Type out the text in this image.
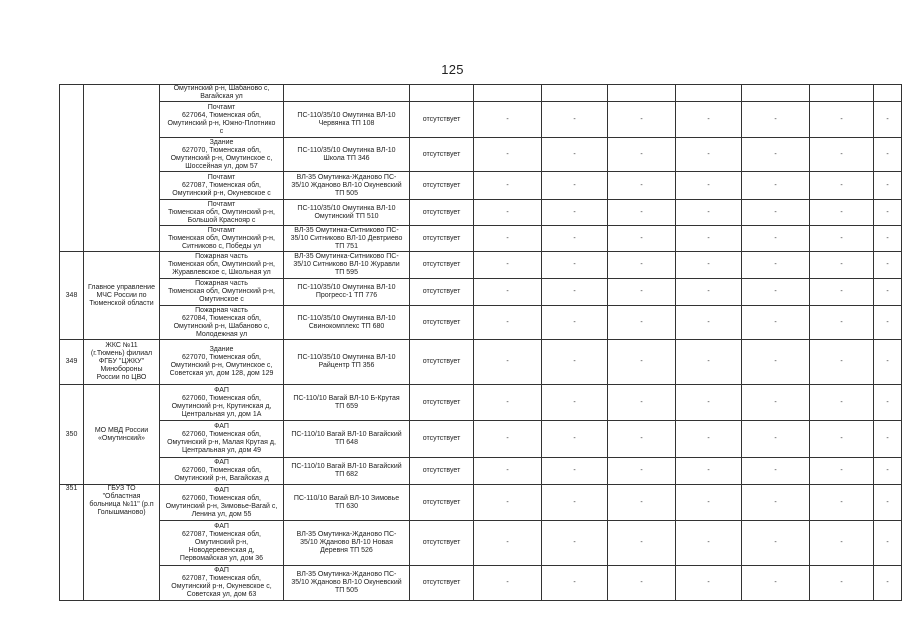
125
		Омутинский р-н, Шабаново с,
Вагайская ул									
		Почтамт
627064, Тюменская обл,
Омутинский р-н, Южно-Плотнико
с	ПС-110/35/10 Омутинка ВЛ-10
Червянка ТП 108	отсутствует	-	-	-	-	-	-	-
		Здание
627070, Тюменская обл,
Омутинский р-н, Омутинское с,
Шоссейная ул, дом 57	ПС-110/35/10 Омутинка ВЛ-10
Школа ТП 346	отсутствует	-	-	-	-	-	-	-
		Почтамт
627087, Тюменская обл,
Омутинский р-н, Окуневское с	ВЛ-35 Омутинка-Ждановo ПС-
35/10 Ждановo ВЛ-10 Окуневский
ТП 505	отсутствует	-	-	-	-	-	-	-
		Почтамт
Тюменская обл, Омутинский р-н,
Большой Краснояр с	ПС-110/35/10 Омутинка ВЛ-10
Омутинский ТП 510	отсутствует	-	-	-	-	-	-	-
		Почтамт
Тюменская обл, Омутинский р-н,
Ситниково с, Победы ул	ВЛ-35 Омутинка-Ситниково ПС-
35/10 Ситниково ВЛ-10 Девтриево
ТП 751	отсутствует	-	-	-	-	-	-	-
348	Главное управление
МЧС России по
Тюменской области	Пожарная часть
Тюменская обл, Омутинский р-н,
Журавлевское с, Школьная ул	ВЛ-35 Омутинка-Ситниково ПС-
35/10 Ситниково ВЛ-10 Журавли
ТП 595	отсутствует	-	-	-	-	-	-	-
		Пожарная часть
Тюменская обл, Омутинский р-н,
Омутинское с	ПС-110/35/10 Омутинка ВЛ-10
Прогресс-1 ТП 776	отсутствует	-	-	-	-	-	-	-
		Пожарная часть
627084, Тюменская обл,
Омутинский р-н, Шабаново с,
Молодежная ул	ПС-110/35/10 Омутинка ВЛ-10
Свинокомплекс ТП 680	отсутствует	-	-	-	-	-	-	-
349	ЖКС №11
(г.Тюмень) филиал
ФГБУ "ЦЖКУ"
Минобороны
России по ЦВО	Здание
627070, Тюменская обл,
Омутинский р-н, Омутинское с,
Советская ул, дом 128, дом 129	ПС-110/35/10 Омутинка ВЛ-10
Райцентр ТП 356	отсутствует	-	-	-	-	-	-	-
350	МО МВД России
«Омутинский»	ФАП
627060, Тюменская обл,
Омутинский р-н, Крутинская д,
Центральная ул, дом 1А	ПС-110/10 Вагай ВЛ-10 Б-Крутая
ТП 659	отсутствует	-	-	-	-	-	-	-
		ФАП
627060, Тюменская обл,
Омутинский р-н, Малая Крутая д,
Центральная ул, дом 49	ПС-110/10 Вагай ВЛ-10 Вагайский
ТП 648	отсутствует	-	-	-	-	-	-	-
		ФАП
627060, Тюменская обл,
Омутинский р-н, Вагайская д	ПС-110/10 Вагай ВЛ-10 Вагайский
ТП 682	отсутствует	-	-	-	-	-	-	-
351	ГБУЗ ТО
"Областная
больница №11" (р.п
Голышманово)	ФАП
627060, Тюменская обл,
Омутинский р-н, Зимовье-Вагай с,
Ленина ул, дом 55	ПС-110/10 Вагай ВЛ-10 Зимовье
ТП 630	отсутствует	-	-	-	-	-	-	-
		ФАП
627087, Тюменская обл,
Омутинский р-н,
Новодеревенская д,
Первомайская ул, дом 36	ВЛ-35 Омутинка-Ждановo ПС-
35/10 Ждановo ВЛ-10 Новая
Деревня ТП 526	отсутствует	-	-	-	-	-	-	-
		ФАП
627087, Тюменская обл,
Омутинский р-н, Окуневское с,
Советская ул, дом 63	ВЛ-35 Омутинка-Ждановo ПС-
35/10 Ждановo ВЛ-10 Окуневский
ТП 505	отсутствует	-	-	-	-	-	-	-
